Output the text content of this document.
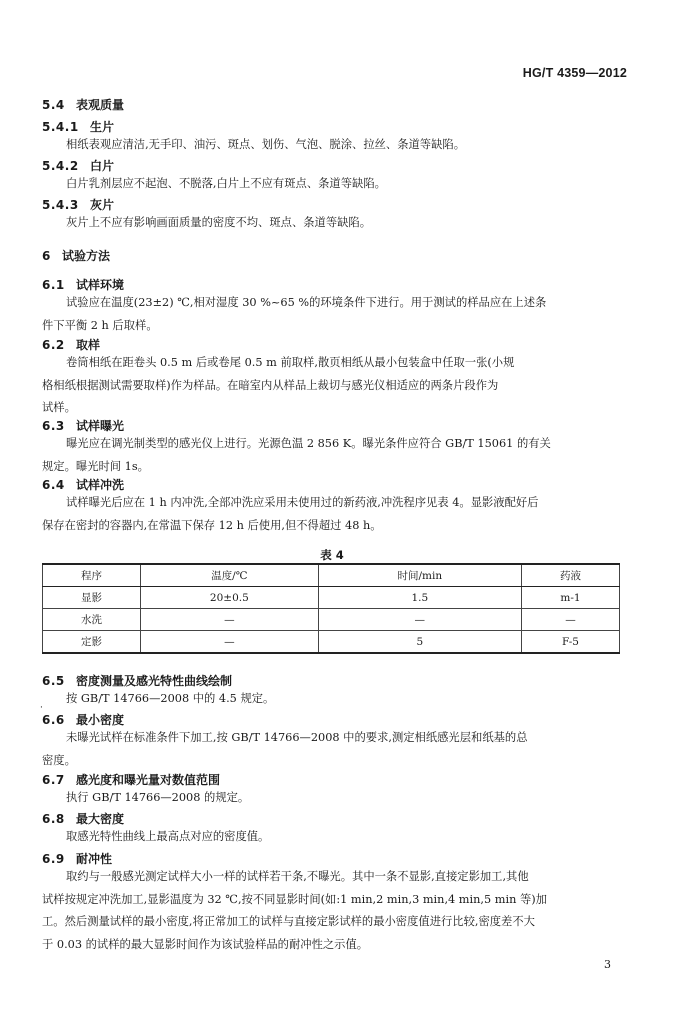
HG/T 4359—2012
5.4 表观质量
5.4.1 生片
相纸表观应清洁,无手印、油污、斑点、划伤、气泡、脱涂、拉丝、条道等缺陷。
5.4.2 白片
白片乳剂层应不起泡、不脱落,白片上不应有斑点、条道等缺陷。
5.4.3 灰片
灰片上不应有影响画面质量的密度不均、斑点、条道等缺陷。
6 试验方法
6.1 试样环境
试验应在温度(23±2) ℃,相对湿度 30 %~65 %的环境条件下进行。用于测试的样品应在上述条
件下平衡 2 h 后取样。
6.2 取样
卷筒相纸在距卷头 0.5 m 后或卷尾 0.5 m 前取样,散页相纸从最小包装盒中任取一张(小规
格相纸根据测试需要取样)作为样品。在暗室内从样品上裁切与感光仪相适应的两条片段作为
试样。
6.3 试样曝光
曝光应在调光制类型的感光仪上进行。光源色温 2 856 K。曝光条件应符合 GB/T 15061 的有关
规定。曝光时间 1s。
6.4 试样冲洗
试样曝光后应在 1 h 内冲洗,全部冲洗应采用未使用过的新药液,冲洗程序见表 4。显影液配好后
保存在密封的容器内,在常温下保存 12 h 后使用,但不得超过 48 h。
表 4
6.5 密度测量及感光特性曲线绘制
按 GB/T 14766—2008 中的 4.5 规定。
6.6 最小密度
未曝光试样在标准条件下加工,按 GB/T 14766—2008 中的要求,测定相纸感光层和纸基的总
密度。
6.7 感光度和曝光量对数值范围
执行 GB/T 14766—2008 的规定。
6.8 最大密度
取感光特性曲线上最高点对应的密度值。
6.9 耐冲性
取约与一般感光测定试样大小一样的试样若干条,不曝光。其中一条不显影,直接定影加工,其他
试样按规定冲洗加工,显影温度为 32 ℃,按不同显影时间(如:1 min,2 min,3 min,4 min,5 min 等)加
工。然后测量试样的最小密度,将正常加工的试样与直接定影试样的最小密度值进行比较,密度差不大
于 0.03 的试样的最大显影时间作为该试验样品的耐冲性之示值。
程序	温度/℃	时间/min	药液
显影	20±0.5	1.5	m-1
水洗	—	—	—
定影	—	5	F-5
·
3
